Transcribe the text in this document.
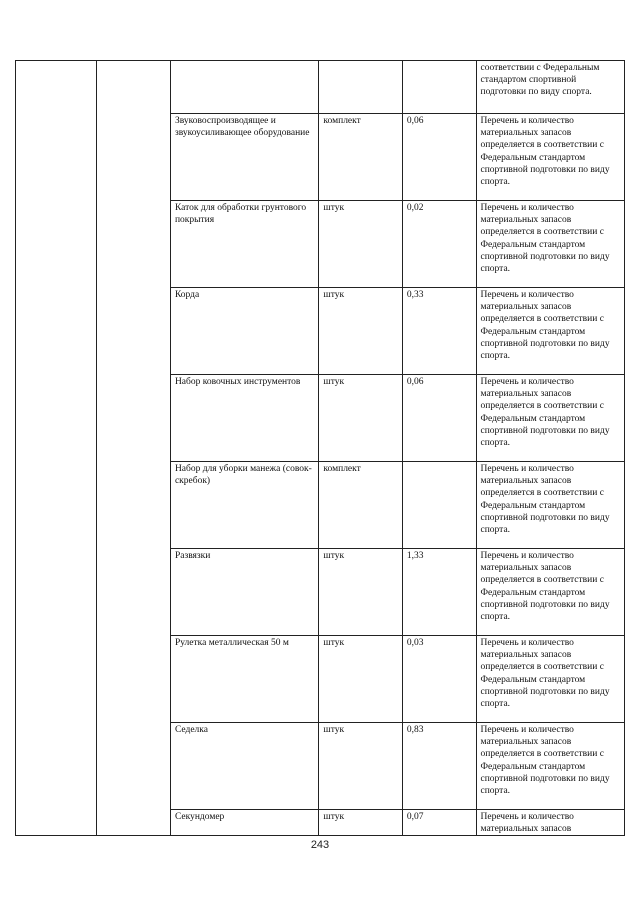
					соответствии с Федеральным стандартом спортивной подготовки по виду спорта.
		Звуковоспроизводящее и звукоусиливающее оборудование	комплект	0,06	Перечень и количество материальных запасов определяется в соответствии с Федеральным стандартом спортивной подготовки по виду спорта.
		Каток для обработки грунтового покрытия	штук	0,02	Перечень и количество материальных запасов определяется в соответствии с Федеральным стандартом спортивной подготовки по виду спорта.
		Корда	штук	0,33	Перечень и количество материальных запасов определяется в соответствии с Федеральным стандартом спортивной подготовки по виду спорта.
		Набор ковочных инструментов	штук	0,06	Перечень и количество материальных запасов определяется в соответствии с Федеральным стандартом спортивной подготовки по виду спорта.
		Набор для уборки манежа (совок-скребок)	комплект		Перечень и количество материальных запасов определяется в соответствии с Федеральным стандартом спортивной подготовки по виду спорта.
		Развязки	штук	1,33	Перечень и количество материальных запасов определяется в соответствии с Федеральным стандартом спортивной подготовки по виду спорта.
		Рулетка металлическая 50 м	штук	0,03	Перечень и количество материальных запасов определяется в соответствии с Федеральным стандартом спортивной подготовки по виду спорта.
		Седелка	штук	0,83	Перечень и количество материальных запасов определяется в соответствии с Федеральным стандартом спортивной подготовки по виду спорта.
		Секундомер	штук	0,07	Перечень и количество материальных запасов
243
